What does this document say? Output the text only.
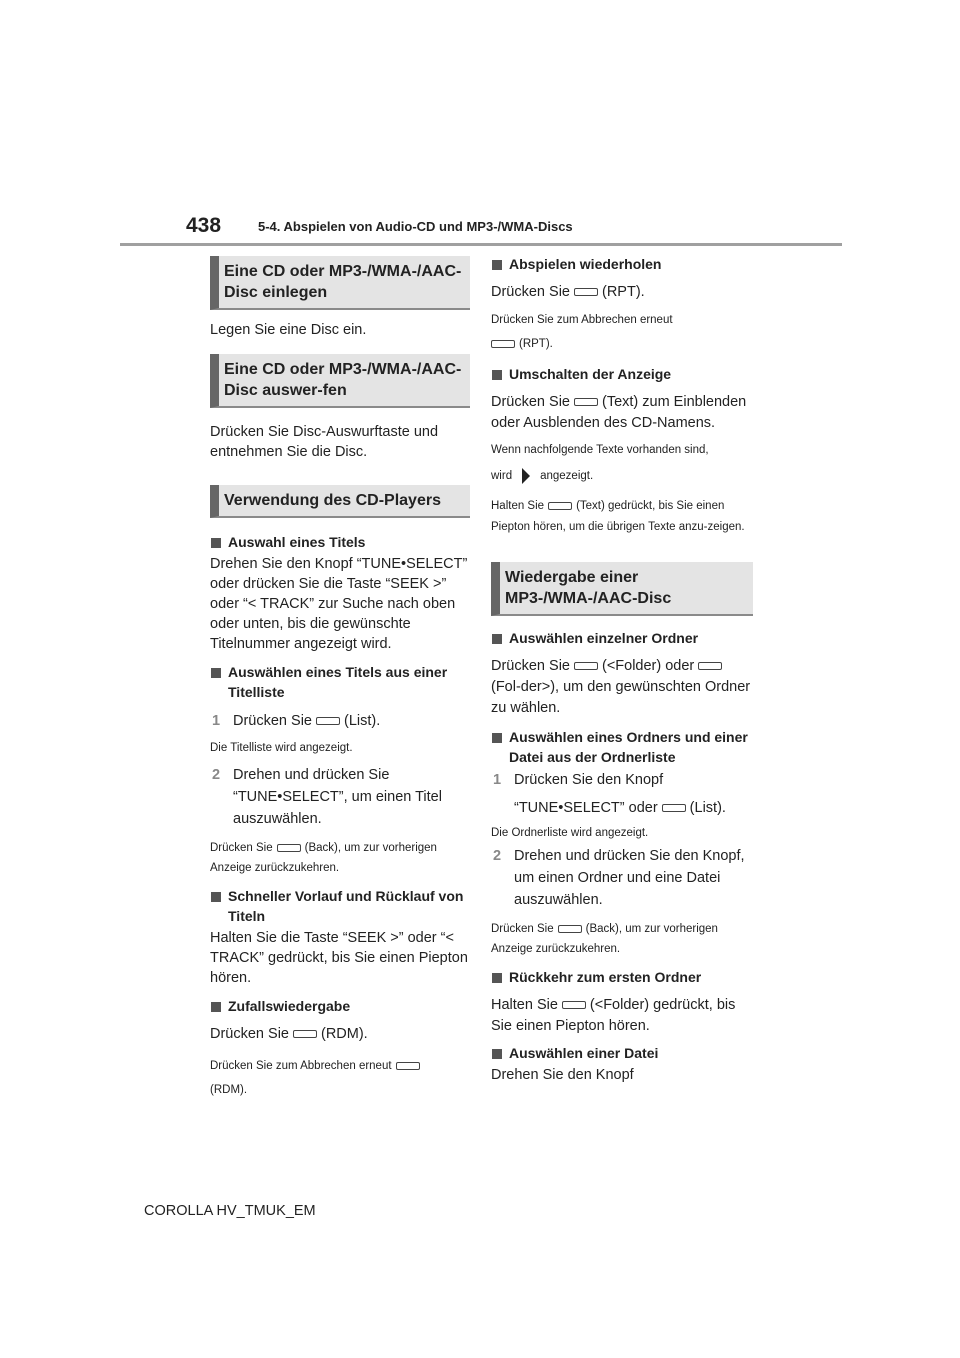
438	5-4. Abspielen von Audio-CD und MP3-/WMA-Discs
Eine CD oder MP3-/WMA-/AAC-Disc einlegen

Legen Sie eine Disc ein.

Eine CD oder MP3-/WMA-/AAC-Disc auswer-fen

Drücken Sie Disc-Auswurftaste und entnehmen Sie die Disc.

Verwendung des CD-Players

Auswahl eines Titels

Drehen Sie den Knopf “TUNE•SELECT” oder drücken Sie die Taste “SEEK >” oder “< TRACK” zur Suche nach oben oder unten, bis die gewünschte Titelnummer angezeigt wird.

Auswählen eines Titels aus einer Titelliste

1 Drücken Sie (List).

Die Titelliste wird angezeigt.

2 Drehen und drücken Sie “TUNE•SELECT”, um einen Titel auszuwählen.

Drücken Sie	(Back), um zur vorherigen Anzeige zurückzukehren.

Schneller Vorlauf und Rücklauf von Titeln

Halten Sie die Taste “SEEK >” oder “< TRACK” gedrückt, bis Sie einen Piepton hören.

Zufallswiedergabe

Drücken Sie (RDM).

Drücken Sie zum Abbrechen erneut

(RDM).

Abspielen wiederholen

Drücken Sie (RPT).

Drücken Sie zum Abbrechen erneut

(RPT).

Umschalten der Anzeige

Drücken Sie (Text) zum Einblenden oder Ausblenden des CD-Namens.

Wenn nachfolgende Texte vorhanden sind,

wird angezeigt.

Halten Sie	(Text) gedrückt, bis Sie einen Piepton hören, um die übrigen Texte anzu-zeigen.

Wiedergabe einer MP3-/WMA-/AAC-Disc

Auswählen einzelner Ordner

Drücken Sie (<Folder) oder(Fol-der>), um den gewünschten Ordner zu wählen.

Auswählen eines Ordners und einer Datei aus der Ordnerliste

1 Drücken Sie den Knopf

“TUNE•SELECT” oder (List).

Die Ordnerliste wird angezeigt.

2 Drehen und drücken Sie den Knopf, um einen Ordner und eine Datei auszuwählen.

Drücken Sie	(Back), um zur vorherigen Anzeige zurückzukehren.

Rückkehr zum ersten Ordner

Halten Sie (<Folder) gedrückt, bis Sie einen Piepton hören.

Auswählen einer Datei

Drehen Sie den Knopf

COROLLA HV_TMUK_EM
